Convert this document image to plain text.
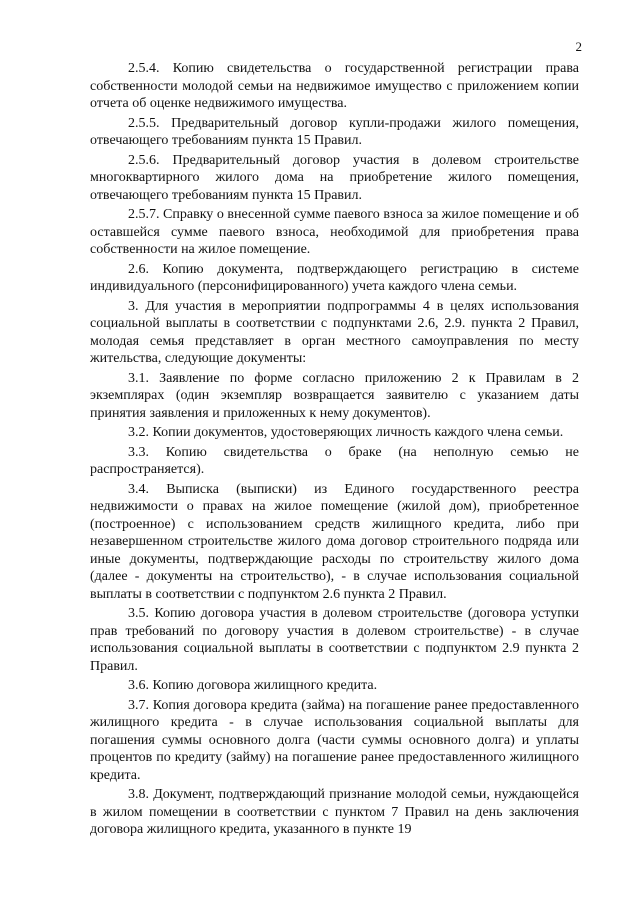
2

2.5.4. Копию свидетельства о государственной регистрации права собственности молодой семьи на недвижимое имущество с приложением копии отчета об оценке недвижимого имущества.

2.5.5. Предварительный договор купли-продажи жилого помещения, отвечающего требованиям пункта 15 Правил.

2.5.6. Предварительный договор участия в долевом строительстве многоквартирного жилого дома на приобретение жилого помещения, отвечающего требованиям пункта 15 Правил.

2.5.7. Справку о внесенной сумме паевого взноса за жилое помещение и об оставшейся сумме паевого взноса, необходимой для приобретения права собственности на жилое помещение.

2.6. Копию документа, подтверждающего регистрацию в системе индивидуального (персонифицированного) учета каждого члена семьи.

3. Для участия в мероприятии подпрограммы 4 в целях использования социальной выплаты в соответствии с подпунктами 2.6, 2.9. пункта 2 Правил, молодая семья представляет в орган местного самоуправления по месту жительства, следующие документы:

3.1. Заявление по форме согласно приложению 2 к Правилам в 2 экземплярах (один экземпляр возвращается заявителю с указанием даты принятия заявления и приложенных к нему документов).

3.2. Копии документов, удостоверяющих личность каждого члена семьи.

3.3. Копию свидетельства о браке (на неполную семью не распространяется).

3.4. Выписка (выписки) из Единого государственного реестра недвижимости о правах на жилое помещение (жилой дом), приобретенное (построенное) с использованием средств жилищного кредита, либо при незавершенном строительстве жилого дома договор строительного подряда или иные документы, подтверждающие расходы по строительству жилого дома (далее - документы на строительство), - в случае использования социальной выплаты в соответствии с подпунктом 2.6 пункта 2 Правил.

3.5. Копию договора участия в долевом строительстве (договора уступки прав требований по договору участия в долевом строительстве) - в случае использования социальной выплаты в соответствии с подпунктом 2.9 пункта 2 Правил.

3.6. Копию договора жилищного кредита.

3.7. Копия договора кредита (займа) на погашение ранее предоставленного жилищного кредита - в случае использования социальной выплаты для погашения суммы основного долга (части суммы основного долга) и уплаты процентов по кредиту (займу) на погашение ранее предоставленного жилищного кредита.

3.8. Документ, подтверждающий признание молодой семьи, нуждающейся в жилом помещении в соответствии с пунктом 7 Правил на день заключения договора жилищного кредита, указанного в пункте 19
